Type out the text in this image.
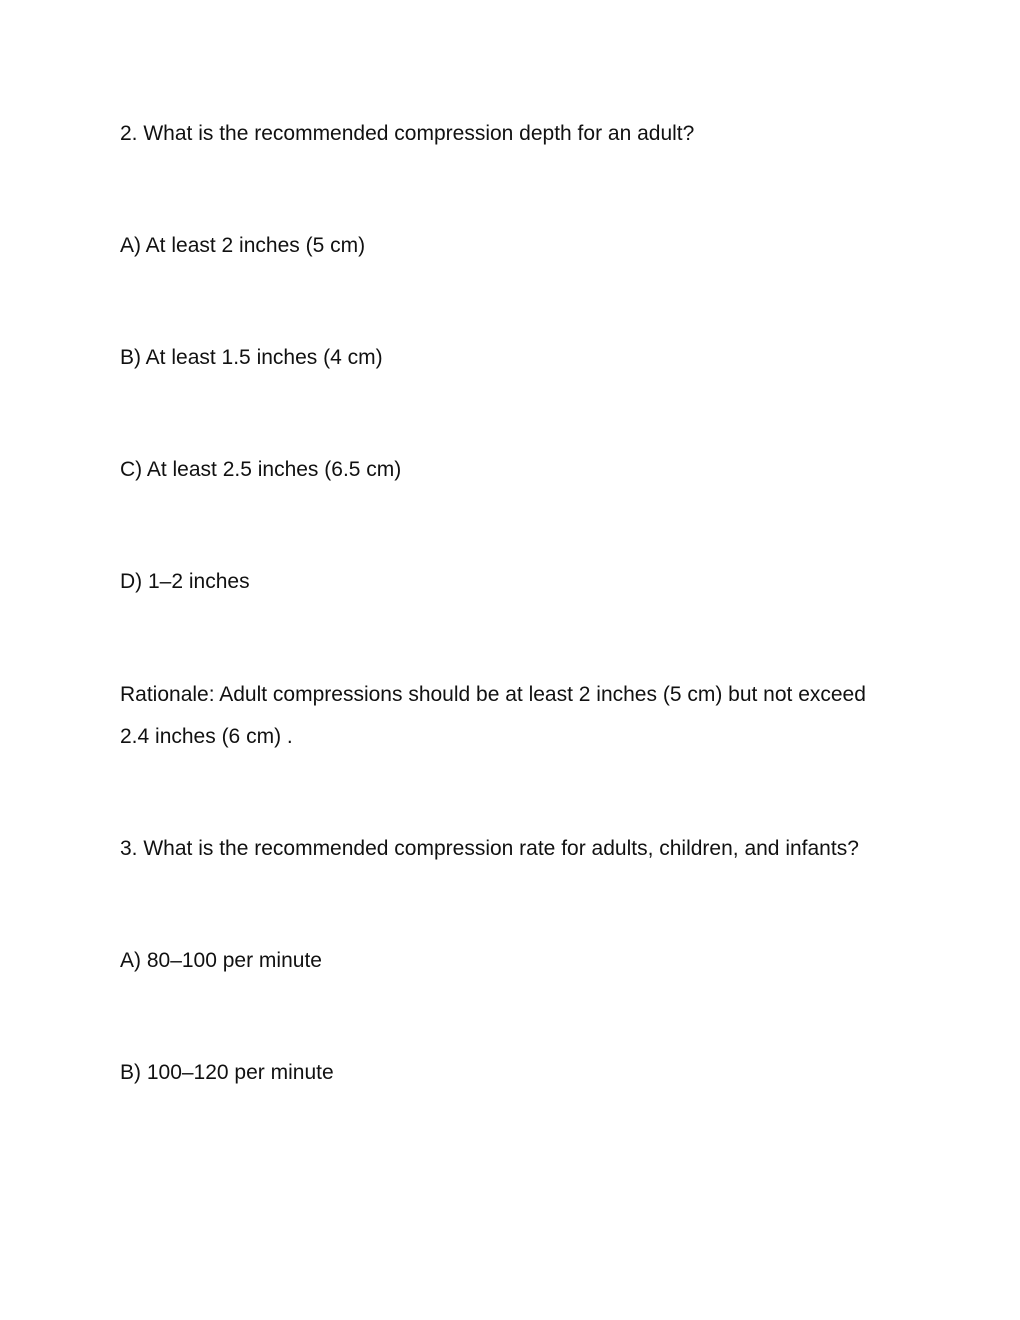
2. What is the recommended compression depth for an adult?
A) At least 2 inches (5 cm)
B) At least 1.5 inches (4 cm)
C) At least 2.5 inches (6.5 cm)
D) 1–2 inches
Rationale: Adult compressions should be at least 2 inches (5 cm) but not exceed
2.4 inches (6 cm) .
3. What is the recommended compression rate for adults, children, and infants?
A) 80–100 per minute
B) 100–120 per minute
